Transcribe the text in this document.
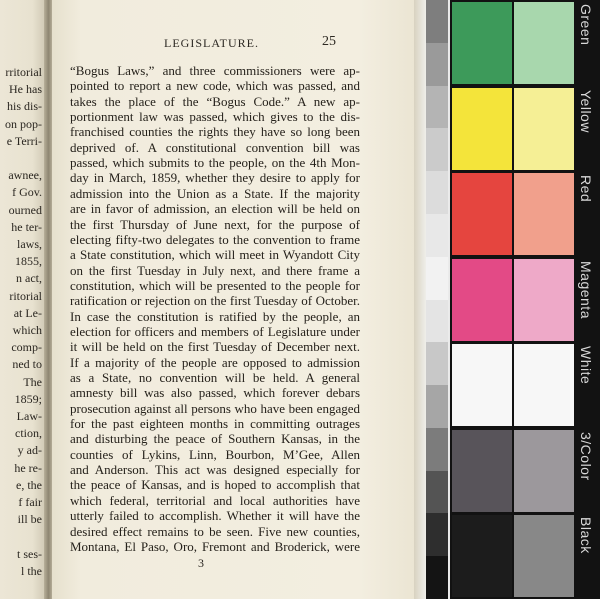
rritorial
He has
his dis-
on pop-
e Terri-
awnee,
f Gov.
ourned
he ter-
laws,
1855,
n act,
ritorial
at Le-
which
comp-
ned to
The
1859;
Law-
ction,
y ad-
he re-
e, the
f fair
ill be
t ses-
l the
LEGISLATURE.	25
“Bogus Laws,” and three commissioners were ap-
pointed to report a new code, which was passed, and
takes the place of the “Bogus Code.” A new ap-
portionment law was passed, which gives to the dis-
franchised counties the rights they have so long been
deprived of. A constitutional convention bill was
passed, which submits to the people, on the 4th Mon-
day in March, 1859, whether they desire to apply for
admission into the Union as a State. If the majority
are in favor of admission, an election will be held on
the first Thursday of June next, for the purpose of
electing fifty-two delegates to the convention to frame
a State constitution, which will meet in Wyandott City
on the first Tuesday in July next, and there frame a
constitution, which will be presented to the people for
ratification or rejection on the first Tuesday of October.
In case the constitution is ratified by the people, an
election for officers and members of Legislature under
it will be held on the first Tuesday of December next.
If a majority of the people are opposed to admission
as a State, no convention will be held. A general
amnesty bill was also passed, which forever debars
prosecution against all persons who have been engaged
for the past eighteen months in committing outrages
and disturbing the peace of Southern Kansas, in the
counties of Lykins, Linn, Bourbon, M’Gee, Allen
and Anderson. This act was designed especially for
the peace of Kansas, and is hoped to accomplish that
which federal, territorial and local authorities have
utterly failed to accomplish. Whether it will have the
desired effect remains to be seen. Five new counties,
Montana, El Paso, Oro, Fremont and Broderick, were
3
Green
Yellow
Red
Magenta
White
3/Color
Black
